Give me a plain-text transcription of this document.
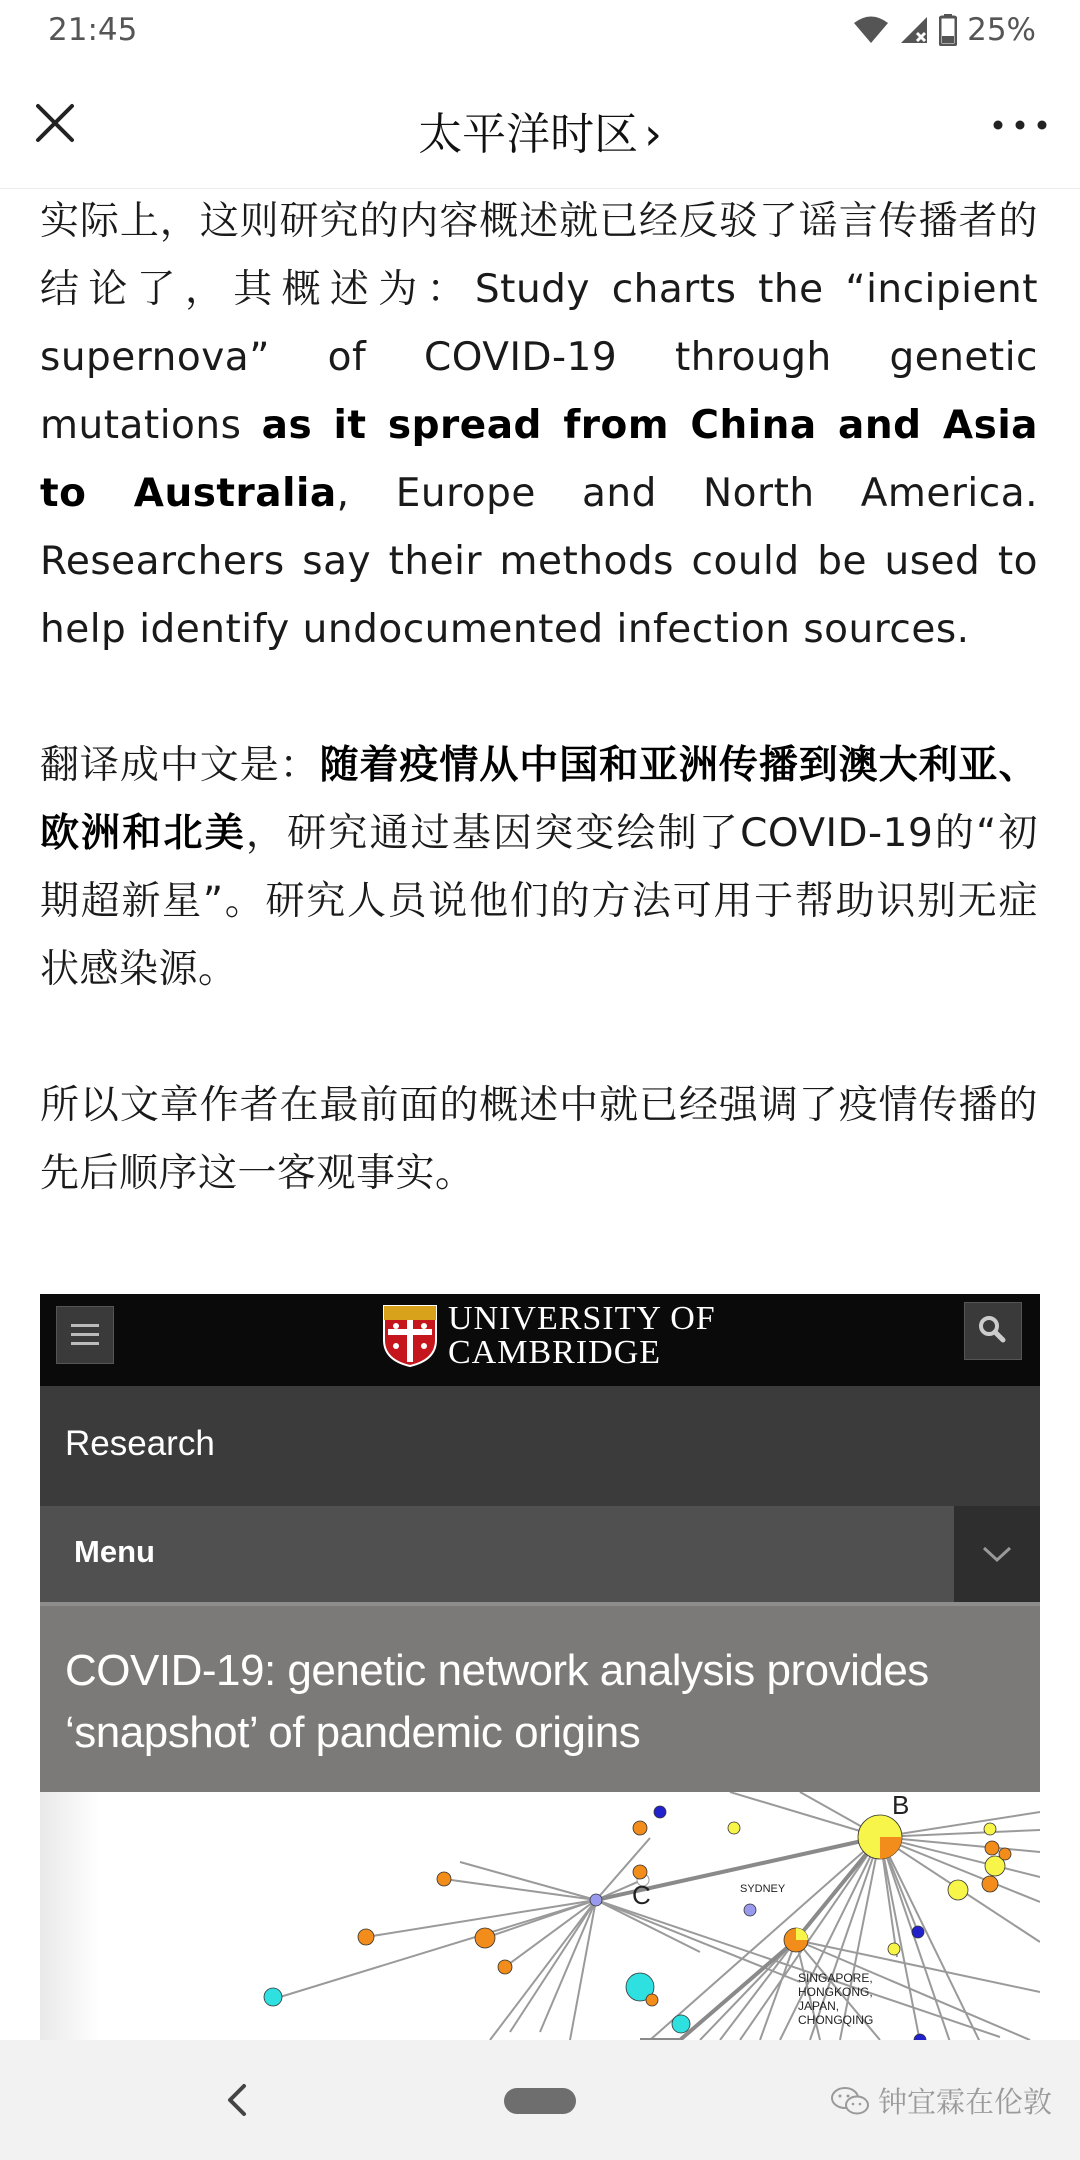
21:45	25%
太平洋时区 ›

实际上，这则研究的内容概述就已经反驳了谣言传播者的结论了，其概述为：Study charts the “incipient supernova” of COVID-19 through genetic mutations as it spread from China and Asia to Australia, Europe and North America. Researchers say their methods could be used to help identify undocumented infection sources.

翻译成中文是：随着疫情从中国和亚洲传播到澳大利亚、欧洲和北美，研究通过基因突变绘制了COVID-19的“初期超新星”。研究人员说他们的方法可用于帮助识别无症状感染源。

所以文章作者在最前面的概述中就已经强调了疫情传播的先后顺序这一客观事实。

UNIVERSITY OF
CAMBRIDGE
Research
Menu
COVID-19: genetic network analysis provides ‘snapshot’ of pandemic origins
B
C	SYDNEY
SINGAPORE,
HONGKONG,
JAPAN,
CHONGQING
钟宜霖在伦敦
